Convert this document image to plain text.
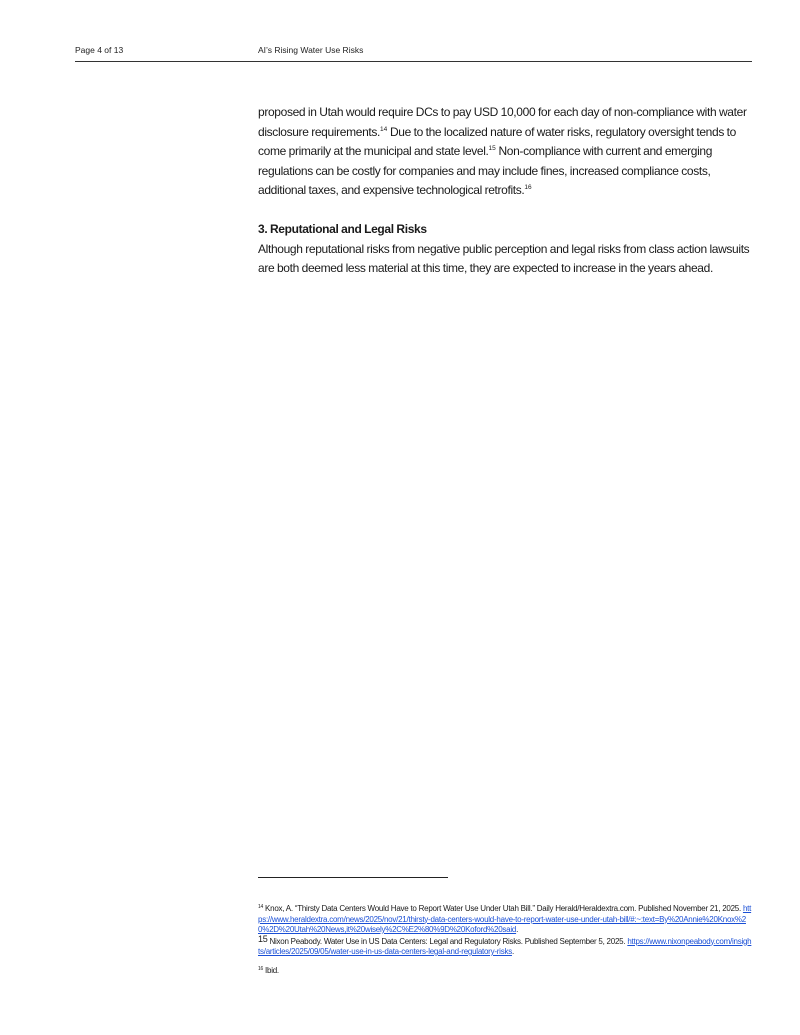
Page 4 of 13	AI’s Rising Water Use Risks

proposed in Utah would require DCs to pay USD 10,000 for each day of non-compliance with water disclosure requirements.$^{14}$ Due to the localized nature of water risks, regulatory oversight tends to come primarily at the municipal and state level.$^{15}$ Non-compliance with current and emerging regulations can be costly for companies and may include fines, increased compliance costs, additional taxes, and expensive technological retrofits.$^{16}$

3. Reputational and Legal Risks

Although reputational risks from negative public perception and legal risks from class action lawsuits are both deemed less material at this time, they are expected to increase in the years ahead.

$^{14}$ Knox, A. “Thirsty Data Centers Would Have to Report Water Use Under Utah Bill.” Daily Herald/Heraldextra.com. Published November 21, 2025. https://www.heraldextra.com/news/2025/nov/21/thirsty-data-centers-would-have-to-report-water-use-under-utah-bill/#:~:text=By%20Annie%20Knox%20%2D%20Utah%20News,it%20wisely%2C%E2%80%9D%20Koford%20said.

15 Nixon Peabody. Water Use in US Data Centers: Legal and Regulatory Risks. Published September 5, 2025. https://www.nixonpeabody.com/insights/articles/2025/09/05/water-use-in-us-data-centers-legal-and-regulatory-risks.

$^{16}$ Ibid.
